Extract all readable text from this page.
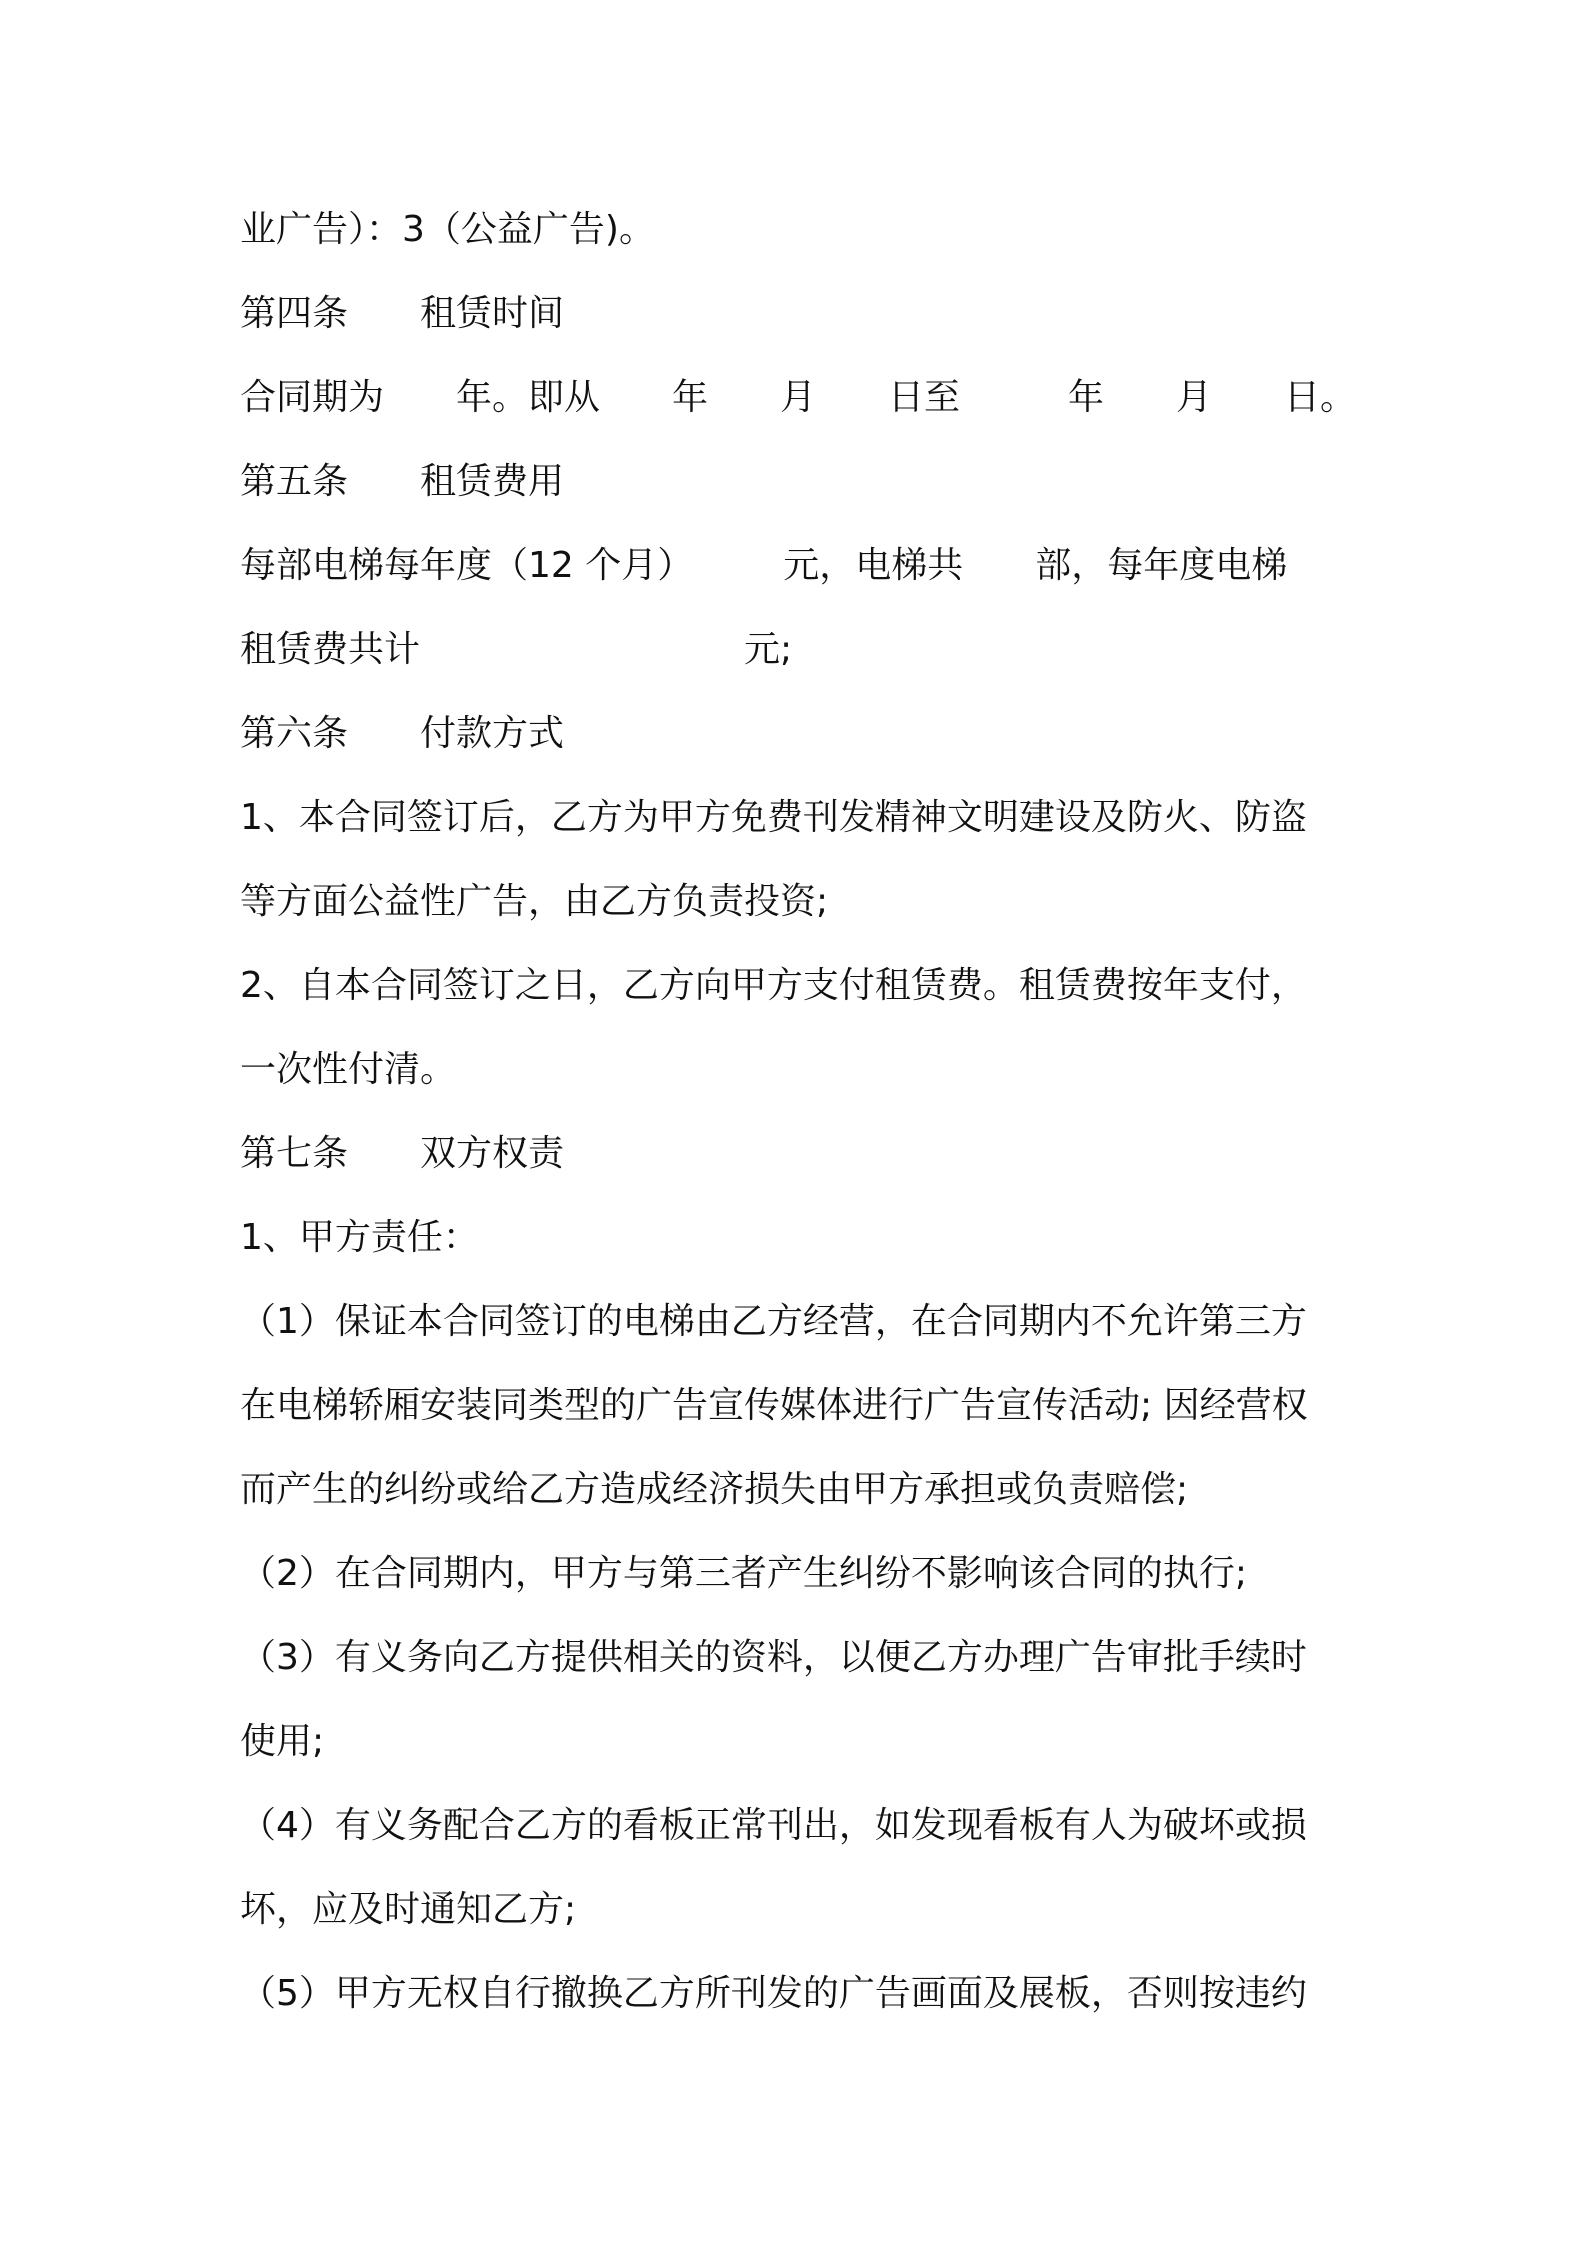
业广告）：3（公益广告)。
第四条　　租赁时间
合同期为　　年。即从　　年　　月　　日至　　　年　　月　　日。
第五条　　租赁费用
每部电梯每年度（12 个月）　　　元，电梯共　　部，每年度电梯
租赁费共计　　　　　　　　　元;
第六条　　付款方式
1、本合同签订后，乙方为甲方免费刊发精神文明建设及防火、防盗
等方面公益性广告，由乙方负责投资;
2、自本合同签订之日，乙方向甲方支付租赁费。租赁费按年支付，
一次性付清。
第七条　　双方权责
1、甲方责任：
（1）保证本合同签订的电梯由乙方经营，在合同期内不允许第三方
在电梯轿厢安装同类型的广告宣传媒体进行广告宣传活动; 因经营权
而产生的纠纷或给乙方造成经济损失由甲方承担或负责赔偿;
（2）在合同期内，甲方与第三者产生纠纷不影响该合同的执行;
（3）有义务向乙方提供相关的资料，以便乙方办理广告审批手续时
使用;
（4）有义务配合乙方的看板正常刊出，如发现看板有人为破坏或损
坏，应及时通知乙方;
（5）甲方无权自行撤换乙方所刊发的广告画面及展板，否则按违约
